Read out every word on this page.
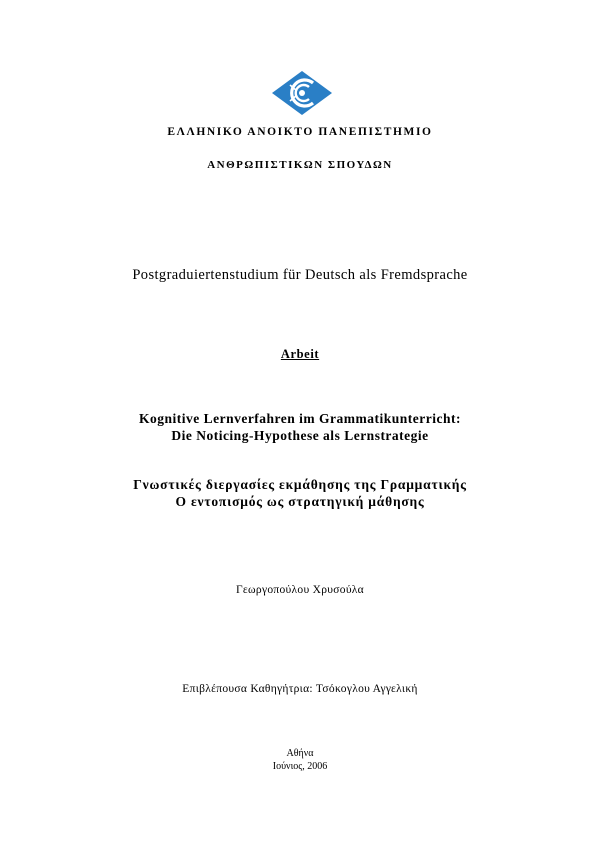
ΕΛΛΗΝΙΚΟ ΑΝΟΙΚΤΟ ΠΑΝΕΠΙΣΤΗΜΙΟ
ΑΝΘΡΩΠΙΣΤΙΚΩΝ ΣΠΟΥΔΩΝ
Postgraduiertenstudium für Deutsch als Fremdsprache
Arbeit
Kognitive Lernverfahren im Grammatikunterricht:
Die Noticing-Hypothese als Lernstrategie
Γνωστικές διεργασίες εκμάθησης της Γραμματικής
Ο εντοπισμός ως στρατηγική μάθησης
Γεωργοπούλου Χρυσούλα
Επιβλέπουσα Καθηγήτρια: Τσόκογλου Αγγελική
Αθήνα
Ιούνιος, 2006
